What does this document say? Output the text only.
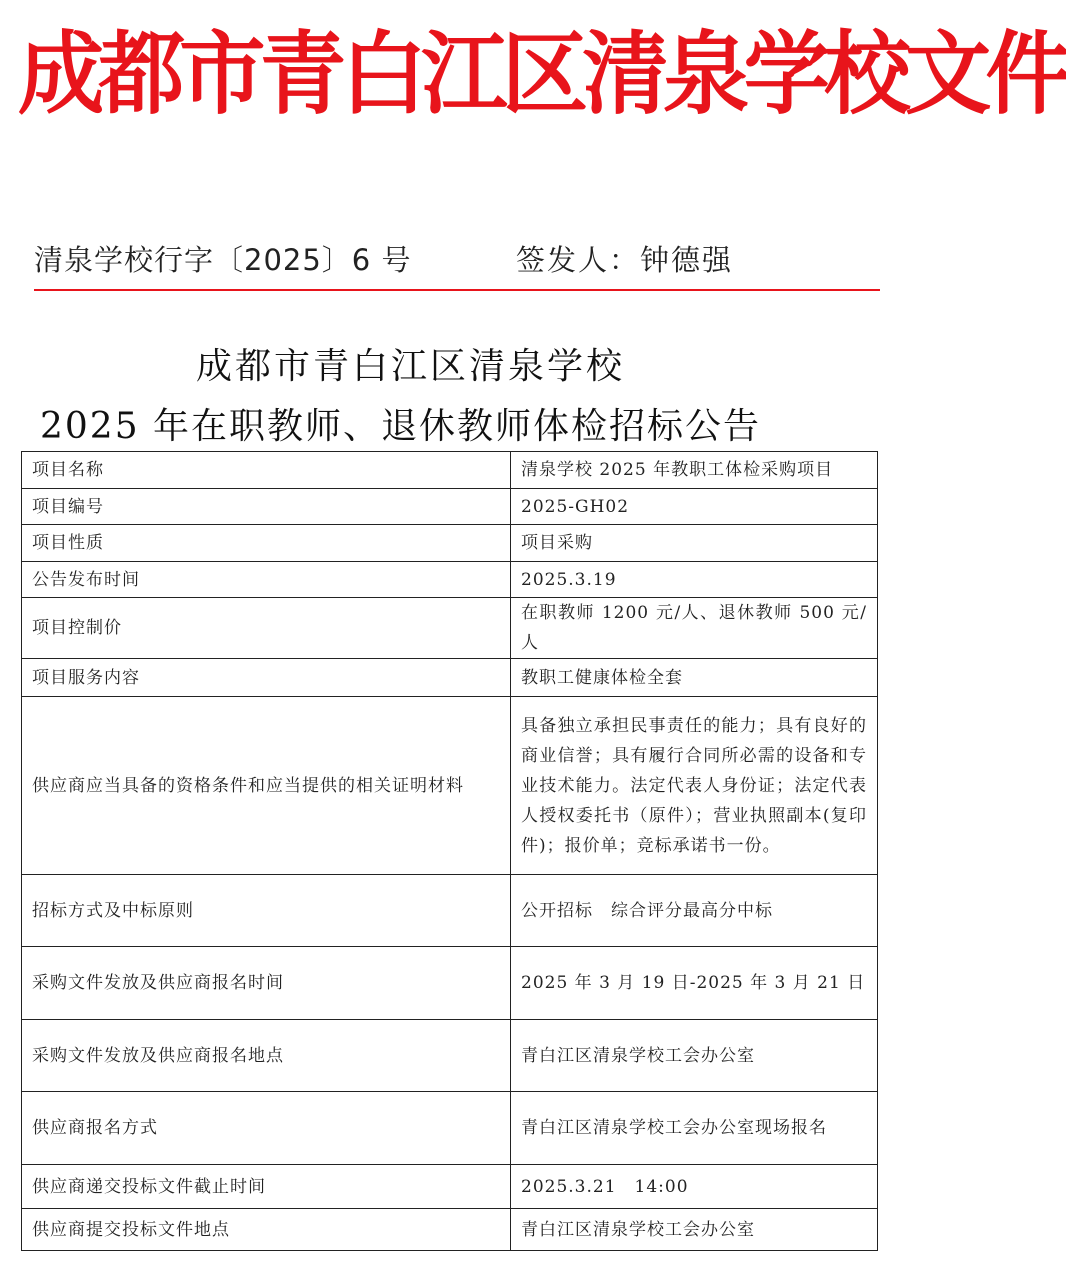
成都市青白江区清泉学校文件
清泉学校行字〔2025〕6 号	签发人：钟德强
成都市青白江区清泉学校
2025 年在职教师、退休教师体检招标公告
项目名称	清泉学校 2025 年教职工体检采购项目
项目编号	2025-GH02
项目性质	项目采购
公告发布时间	2025.3.19
项目控制价	在职教师 1200 元/人、退休教师 500 元/人
项目服务内容	教职工健康体检全套
供应商应当具备的资格条件和应当提供的相关证明材料	具备独立承担民事责任的能力；具有良好的商业信誉；具有履行合同所必需的设备和专业技术能力。法定代表人身份证；法定代表人授权委托书（原件）；营业执照副本(复印件)；报价单；竞标承诺书一份。
招标方式及中标原则	公开招标　综合评分最高分中标
采购文件发放及供应商报名时间	2025 年 3 月 19 日-2025 年 3 月 21 日
采购文件发放及供应商报名地点	青白江区清泉学校工会办公室
供应商报名方式	青白江区清泉学校工会办公室现场报名
供应商递交投标文件截止时间	2025.3.21　14:00
供应商提交投标文件地点	青白江区清泉学校工会办公室
